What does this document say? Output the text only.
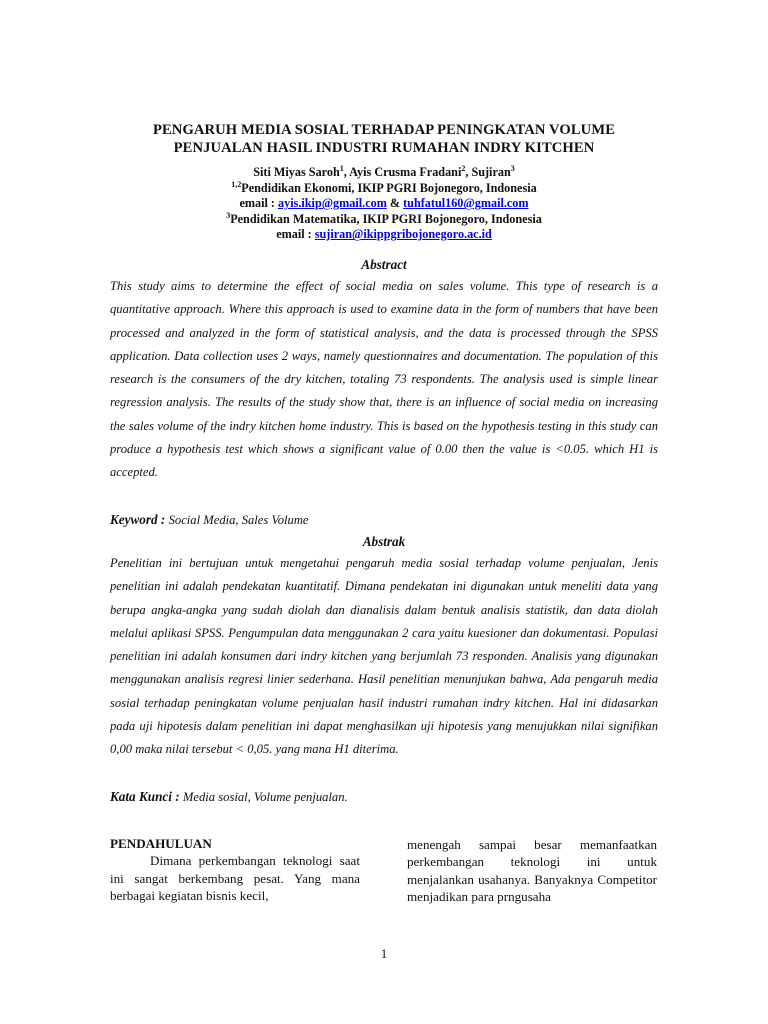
PENGARUH MEDIA SOSIAL TERHADAP PENINGKATAN VOLUME
PENJUALAN HASIL INDUSTRI RUMAHAN INDRY KITCHEN
Siti Miyas Saroh$^1$, Ayis Crusma Fradani$^2$, Sujiran$^3$
$^{1,2}$Pendidikan Ekonomi, IKIP PGRI Bojonegoro, Indonesia
email : ayis.ikip@gmail.com & tuhfatul160@gmail.com
$^3$Pendidikan Matematika, IKIP PGRI Bojonegoro, Indonesia
email : sujiran@ikippgribojonegoro.ac.id
Abstract
This study aims to determine the effect of social media on sales volume. This type of research is a quantitative approach. Where this approach is used to examine data in the form of numbers that have been processed and analyzed in the form of statistical analysis, and the data is processed through the SPSS application. Data collection uses 2 ways, namely questionnaires and documentation. The population of this research is the consumers of the dry kitchen, totaling 73 respondents. The analysis used is simple linear regression analysis. The results of the study show that, there is an influence of social media on increasing the sales volume of the indry kitchen home industry. This is based on the hypothesis testing in this study can produce a hypothesis test which shows a significant value of 0.00 then the value is <0.05. which H1 is accepted.
Keyword : Social Media, Sales Volume
Abstrak
Penelitian ini bertujuan untuk mengetahui pengaruh media sosial terhadap volume penjualan, Jenis penelitian ini adalah pendekatan kuantitatif. Dimana pendekatan ini digunakan untuk meneliti data yang berupa angka-angka yang sudah diolah dan dianalisis dalam bentuk analisis statistik, dan data diolah melalui aplikasi SPSS. Pengumpulan data menggunakan 2 cara yaitu kuesioner dan dokumentasi. Populasi penelitian ini adalah konsumen dari indry kitchen yang berjumlah 73 responden. Analisis yang digunakan menggunakan analisis regresi linier sederhana. Hasil penelitian menunjukan bahwa, Ada pengaruh media sosial terhadap peningkatan volume penjualan hasil industri rumahan indry kitchen. Hal ini didasarkan pada uji hipotesis dalam penelitian ini dapat menghasilkan uji hipotesis yang menujukkan nilai signifikan 0,00 maka nilai tersebut < 0,05. yang mana H1 diterima.
Kata Kunci : Media sosial, Volume penjualan.
PENDAHULUAN
Dimana perkembangan teknologi saat ini sangat berkembang pesat. Yang mana berbagai kegiatan bisnis kecil,
menengah sampai besar memanfaatkan perkembangan teknologi ini untuk menjalankan usahanya. Banyaknya Competitor menjadikan para prngusaha
1
